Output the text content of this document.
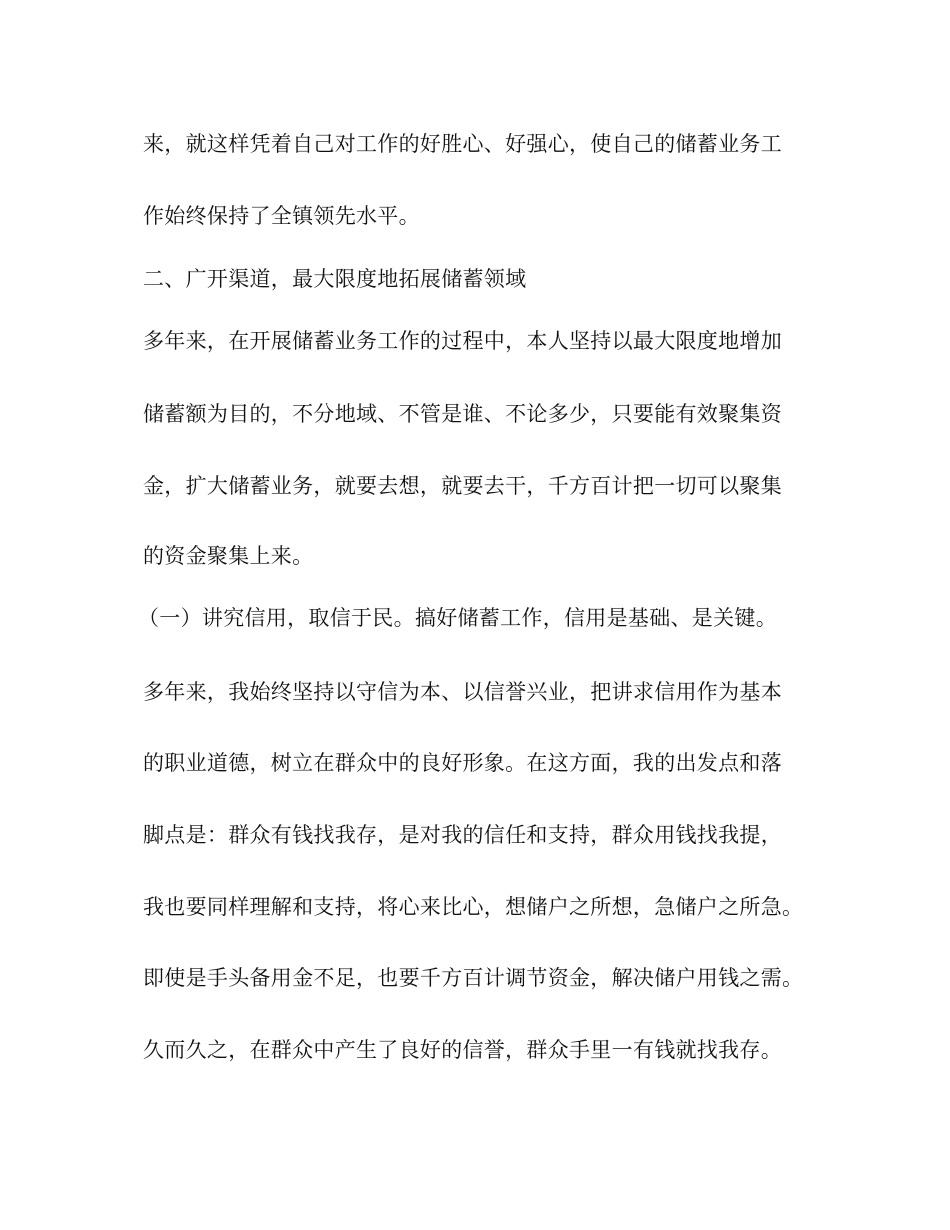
来，就这样凭着自己对工作的好胜心、好强心，使自己的储蓄业务工
作始终保持了全镇领先水平。
二、广开渠道，最大限度地拓展储蓄领域
多年来，在开展储蓄业务工作的过程中，本人坚持以最大限度地增加
储蓄额为目的，不分地域、不管是谁、不论多少，只要能有效聚集资
金，扩大储蓄业务，就要去想，就要去干，千方百计把一切可以聚集
的资金聚集上来。
（一）讲究信用，取信于民。搞好储蓄工作，信用是基础、是关键。
多年来，我始终坚持以守信为本、以信誉兴业，把讲求信用作为基本
的职业道德，树立在群众中的良好形象。在这方面，我的出发点和落
脚点是：群众有钱找我存，是对我的信任和支持，群众用钱找我提，
我也要同样理解和支持，将心来比心，想储户之所想，急储户之所急。
即使是手头备用金不足，也要千方百计调节资金，解决储户用钱之需。
久而久之，在群众中产生了良好的信誉，群众手里一有钱就找我存。
